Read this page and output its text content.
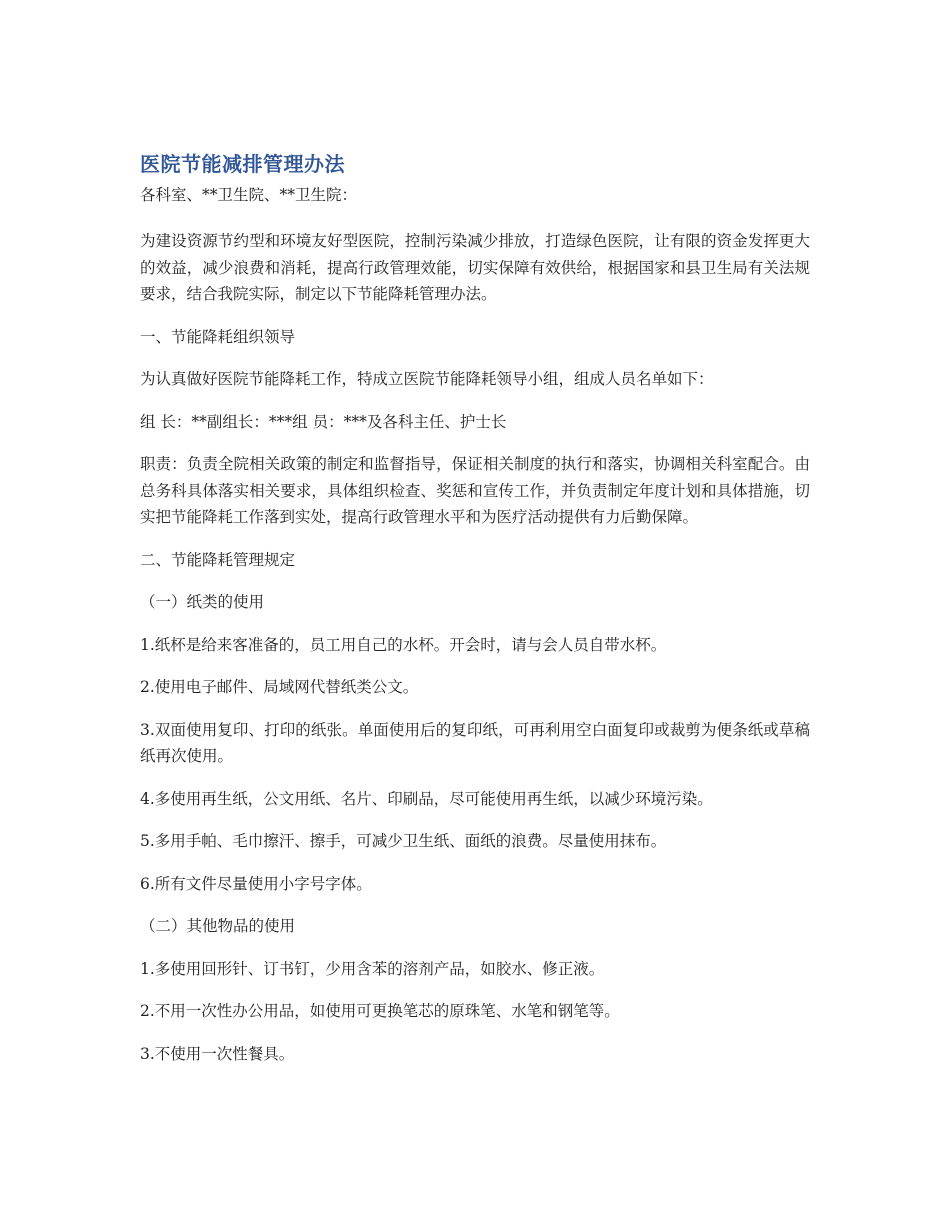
医院节能减排管理办法
各科室、**卫生院、**卫生院：

为建设资源节约型和环境友好型医院，控制污染减少排放，打造绿色医院，让有限的资金发挥更大的效益，减少浪费和消耗，提高行政管理效能，切实保障有效供给，根据国家和县卫生局有关法规要求，结合我院实际，制定以下节能降耗管理办法。

一、节能降耗组织领导

为认真做好医院节能降耗工作，特成立医院节能降耗领导小组，组成人员名单如下：

组 长：**副组长：***组 员：***及各科主任、护士长

职责：负责全院相关政策的制定和监督指导，保证相关制度的执行和落实，协调相关科室配合。由总务科具体落实相关要求，具体组织检查、奖惩和宣传工作，并负责制定年度计划和具体措施，切实把节能降耗工作落到实处，提高行政管理水平和为医疗活动提供有力后勤保障。

二、节能降耗管理规定

（一）纸类的使用

1.纸杯是给来客准备的，员工用自己的水杯。开会时，请与会人员自带水杯。

2.使用电子邮件、局域网代替纸类公文。

3.双面使用复印、打印的纸张。单面使用后的复印纸，可再利用空白面复印或裁剪为便条纸或草稿纸再次使用。

4.多使用再生纸，公文用纸、名片、印刷品，尽可能使用再生纸，以减少环境污染。

5.多用手帕、毛巾擦汗、擦手，可减少卫生纸、面纸的浪费。尽量使用抹布。

6.所有文件尽量使用小字号字体。

（二）其他物品的使用

1.多使用回形针、订书钉，少用含苯的溶剂产品，如胶水、修正液。

2.不用一次性办公用品，如使用可更换笔芯的原珠笔、水笔和钢笔等。

3.不使用一次性餐具。
